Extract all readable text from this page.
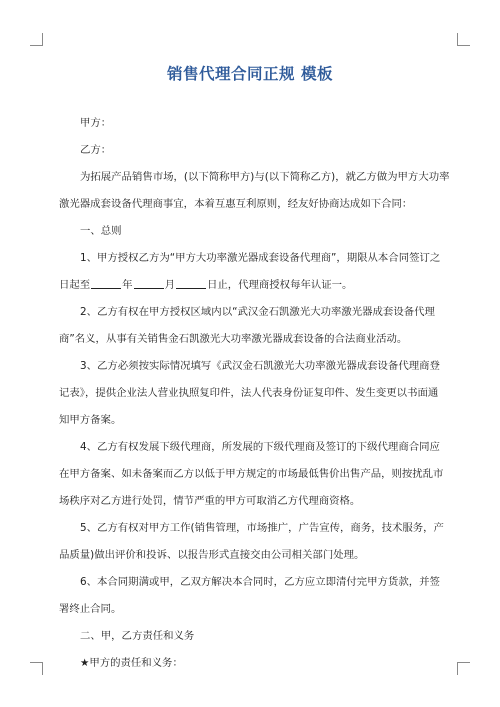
销售代理合同正规 模板
甲方：
乙方：
为拓展产品销售市场，(以下简称甲方)与(以下简称乙方)，就乙方做为甲方大功率
激光器成套设备代理商事宜，本着互惠互利原则，经友好协商达成如下合同：
一、总则
1、甲方授权乙方为“甲方大功率激光器成套设备代理商”，期限从本合同签订之
日起至	年	月	日止，代理商授权每年认证一。
2、乙方有权在甲方授权区域内以“武汉金石凯激光大功率激光器成套设备代理
商”名义，从事有关销售金石凯激光大功率激光器成套设备的合法商业活动。
3、乙方必须按实际情况填写《武汉金石凯激光大功率激光器成套设备代理商登
记表》，提供企业法人营业执照复印件，法人代表身份证复印件、发生变更以书面通
知甲方备案。
4、乙方有权发展下级代理商，所发展的下级代理商及签订的下级代理商合同应
在甲方备案、如未备案而乙方以低于甲方规定的市场最低售价出售产品，则按扰乱市
场秩序对乙方进行处罚，情节严重的甲方可取消乙方代理商资格。
5、乙方有权对甲方工作(销售管理，市场推广，广告宣传，商务，技术服务，产
品质量)做出评价和投诉、以报告形式直接交由公司相关部门处理。
6、本合同期满或甲，乙双方解决本合同时，乙方应立即清付完甲方货款，并签
署终止合同。
二、甲，乙方责任和义务
★甲方的责任和义务：
